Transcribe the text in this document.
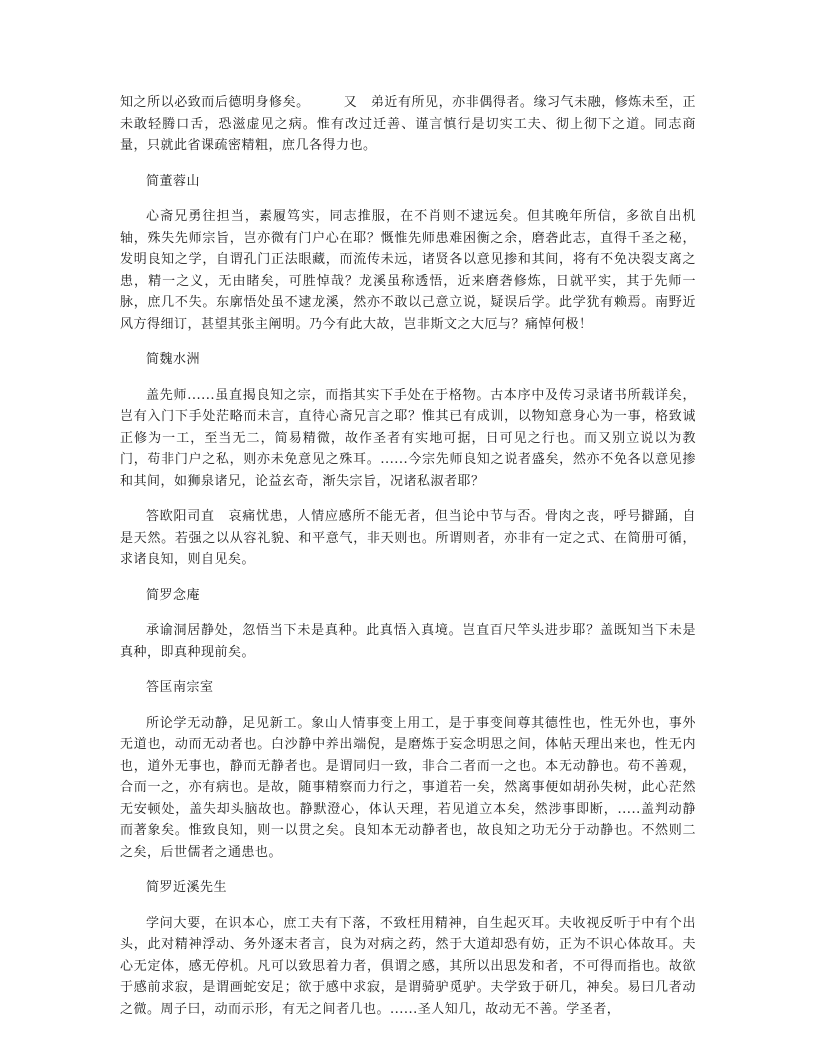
知之所以必致而后德明身修矣。	又　弟近有所见，亦非偶得者。缘习气未融，修炼未至，正未敢轻腾口舌，恐滋虚见之病。惟有改过迁善、谨言慎行是切实工夫、彻上彻下之道。同志商量，只就此省课疏密精粗，庶几各得力也。

简董蓉山

心斋兄勇往担当，素履笃实，同志推服，在不肖则不逮远矣。但其晚年所信，多欲自出机轴，殊失先师宗旨，岂亦微有门户心在耶？慨惟先师患难困衡之余，磨砻此志，直得千圣之秘，发明良知之学，自谓孔门正法眼藏，而流传未远，诸贤各以意见掺和其间，将有不免决裂支离之患，精一之义，无由睹矣，可胜悼哉？龙溪虽称透悟，近来磨砻修炼，日就平实，其于先师一脉，庶几不失。东廓悟处虽不逮龙溪，然亦不敢以己意立说，疑误后学。此学犹有赖焉。南野近风方得细订，甚望其张主阐明。乃今有此大故，岂非斯文之大厄与？痛悼何极！

简魏水洲

盖先师......虽直揭良知之宗，而指其实下手处在于格物。古本序中及传习录诸书所载详矣，岂有入门下手处茫略而未言，直待心斋兄言之耶？惟其已有成训，以物知意身心为一事，格致诚正修为一工，至当无二，简易精微，故作圣者有实地可据，日可见之行也。而又别立说以为教门，苟非门户之私，则亦未免意见之殊耳。......今宗先师良知之说者盛矣，然亦不免各以意见掺和其间，如狮泉诸兄，论益玄奇，渐失宗旨，况诸私淑者耶？

答欧阳司直　哀痛忧患，人情应感所不能无者，但当论中节与否。骨肉之丧，呼号擗踊，自是天然。若强之以从容礼貌、和平意气，非天则也。所谓则者，亦非有一定之式、在简册可循，求诸良知，则自见矣。

简罗念庵

承谕洞居静处，忽悟当下未是真种。此真悟入真境。岂直百尺竿头进步耶？盖既知当下未是真种，即真种现前矣。

答匡南宗室

所论学无动静，足见新工。象山人情事变上用工，是于事变间尊其德性也，性无外也，事外无道也，动而无动者也。白沙静中养出端倪，是磨炼于妄念明思之间，体帖天理出来也，性无内也，道外无事也，静而无静者也。是谓同归一致，非合二者而一之也。本无动静也。苟不善观，合而一之，亦有病也。是故，随事精察而力行之，事道若一矣，然离事便如胡孙失树，此心茫然无安顿处，盖失却头脑故也。静默澄心，体认天理，若见道立本矣，然涉事即断，.....盖判动静而著象矣。惟致良知，则一以贯之矣。良知本无动静者也，故良知之功无分于动静也。不然则二之矣，后世儒者之通患也。

简罗近溪先生

学问大要，在识本心，庶工夫有下落，不致枉用精神，自生起灭耳。夫收视反听于中有个出头，此对精神浮动、务外逐末者言，良为对病之药，然于大道却恐有妨，正为不识心体故耳。夫心无定体，感无停机。凡可以致思着力者，俱谓之感，其所以出思发和者，不可得而指也。故欲于感前求寂，是谓画蛇安足；欲于感中求寂，是谓骑驴觅驴。夫学致于研几，神矣。易曰几者动之微。周子曰，动而示形，有无之间者几也。......圣人知几，故动无不善。学圣者，
